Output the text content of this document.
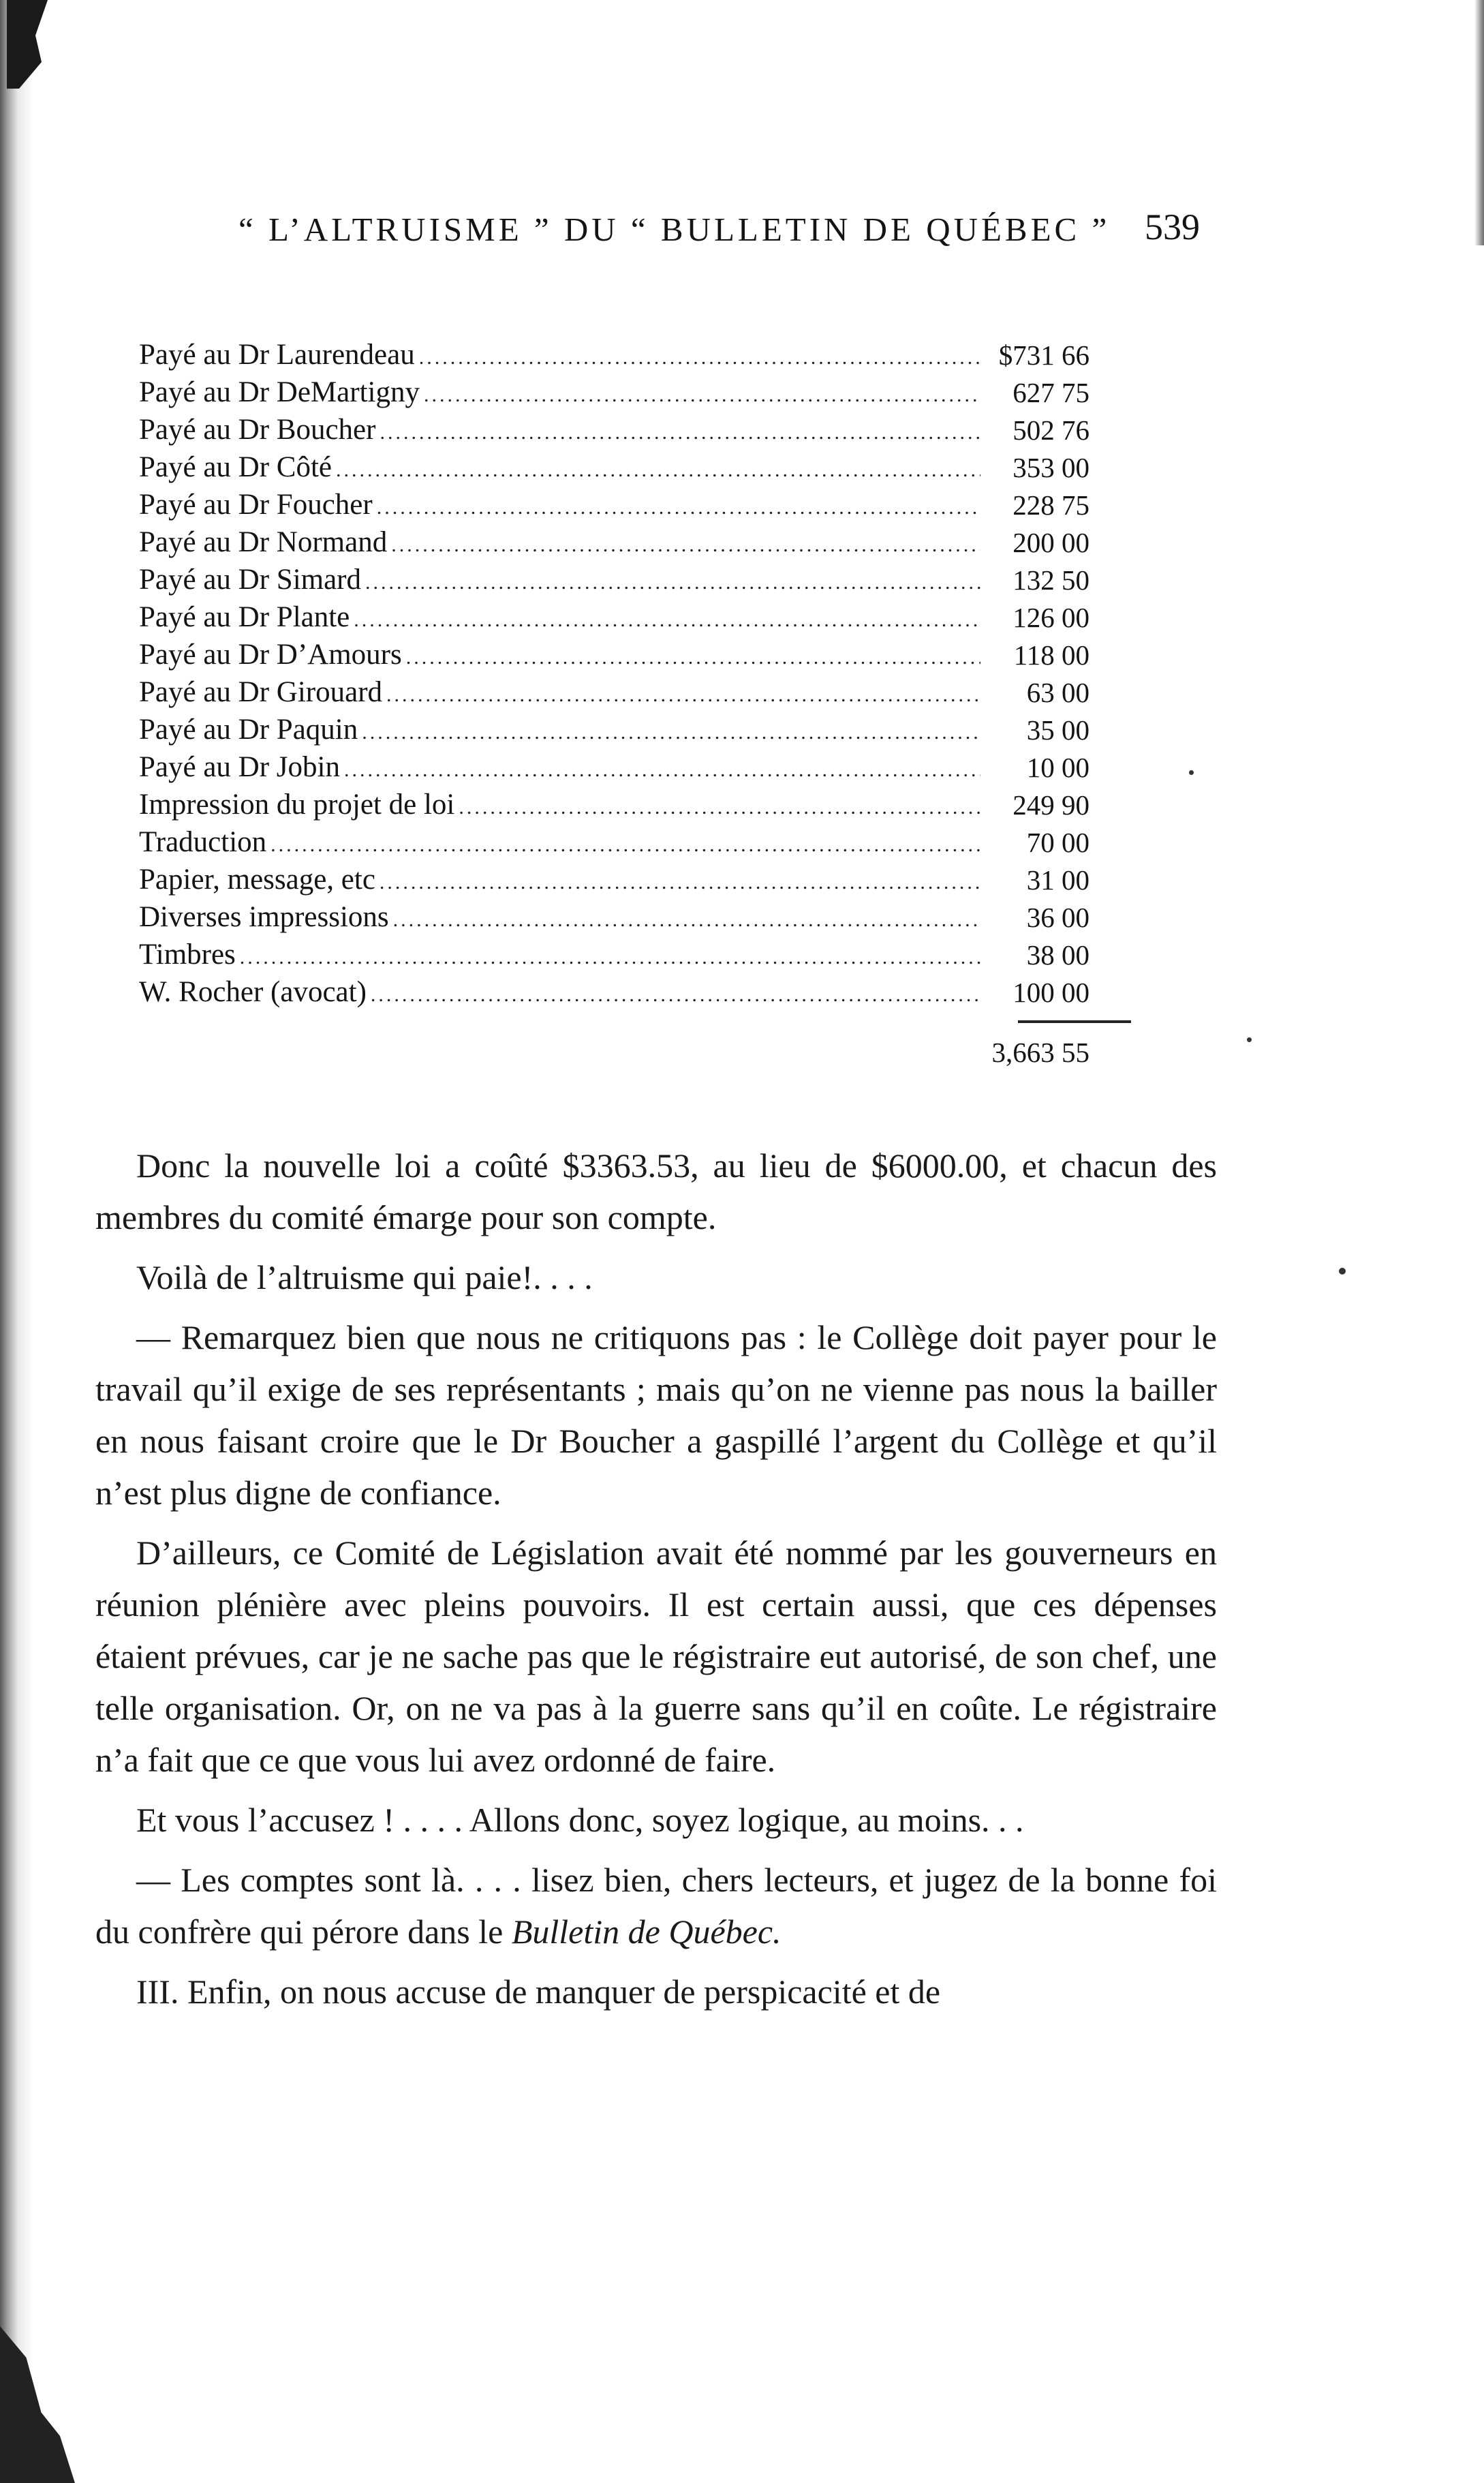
“ L’ALTRUISME ” DU “ BULLETIN DE QUÉBEC ” 539
Payé au Dr Laurendeau .....	$731 66
Payé au Dr DeMartigny .....	627 75
Payé au Dr Boucher .....	502 76
Payé au Dr Côté .....	353 00
Payé au Dr Foucher .....	228 75
Payé au Dr Normand .....	200 00
Payé au Dr Simard .....	132 50
Payé au Dr Plante .....	126 00
Payé au Dr D’Amours .....	118 00
Payé au Dr Girouard .....	63 00
Payé au Dr Paquin .....	35 00
Payé au Dr Jobin .....	10 00
Impression du projet de loi .....	249 90
Traduction .....	70 00
Papier, message, etc .....	31 00
Diverses impressions .....	36 00
Timbres .....	38 00
W. Rocher (avocat) .....	100 00
3,663 55

Donc la nouvelle loi a coûté $3363.53, au lieu de $6000.00, et chacun des membres du comité émarge pour son compte.

Voilà de l’altruisme qui paie!. . . .

— Remarquez bien que nous ne critiquons pas : le Collège doit payer pour le travail qu’il exige de ses représentants ; mais qu’on ne vienne pas nous la bailler en nous faisant croire que le Dr Boucher a gaspillé l’argent du Collège et qu’il n’est plus digne de confiance.

D’ailleurs, ce Comité de Législation avait été nommé par les gouverneurs en réunion plénière avec pleins pouvoirs. Il est certain aussi, que ces dépenses étaient prévues, car je ne sache pas que le régistraire eut autorisé, de son chef, une telle organisation. Or, on ne va pas à la guerre sans qu’il en coûte. Le régistraire n’a fait que ce que vous lui avez ordonné de faire.

Et vous l’accusez ! . . . . Allons donc, soyez logique, au moins. . .

— Les comptes sont là. . . . lisez bien, chers lecteurs, et jugez de la bonne foi du confrère qui pérore dans le Bulletin de Québec.

III. Enfin, on nous accuse de manquer de perspicacité et de
